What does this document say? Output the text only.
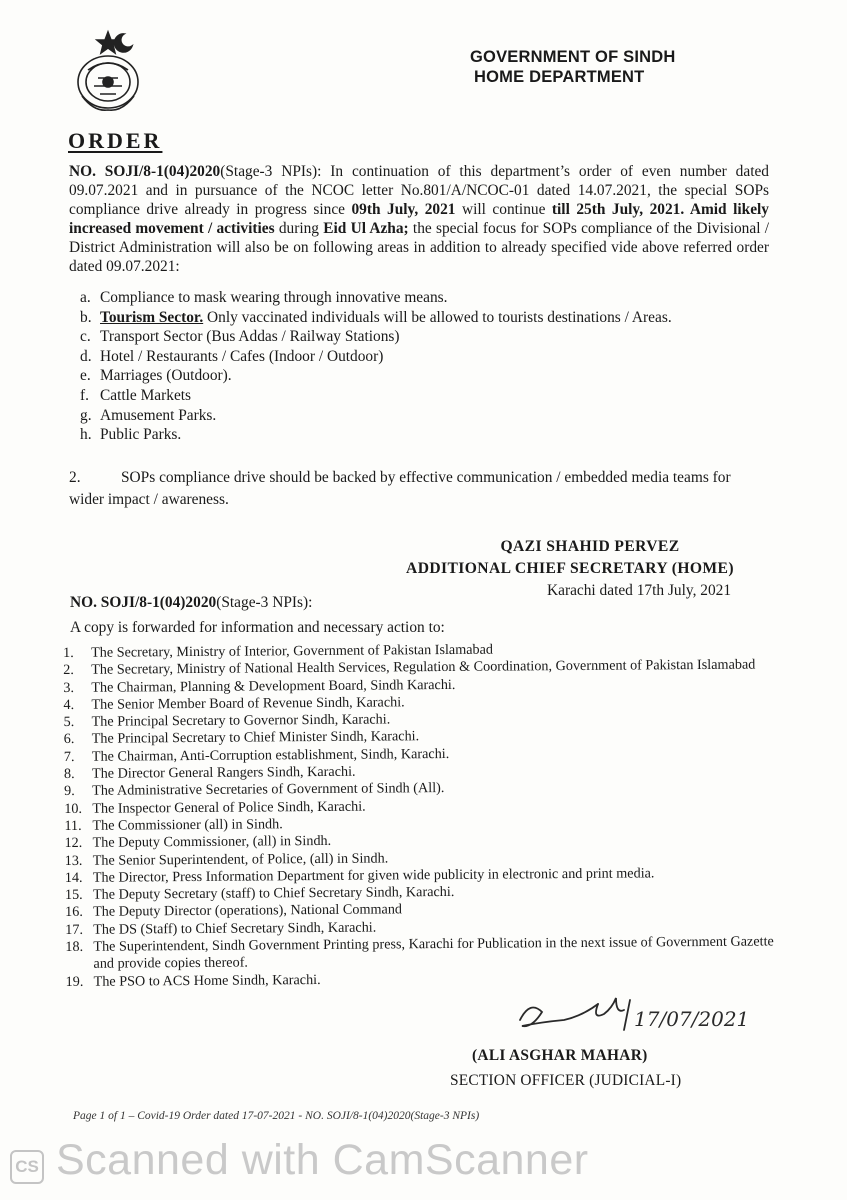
GOVERNMENT OF SINDH
HOME DEPARTMENT
ORDER
NO. SOJI/8-1(04)2020(Stage-3 NPIs): In continuation of this department’s order of even number dated 09.07.2021 and in pursuance of the NCOC letter No.801/A/NCOC-01 dated 14.07.2021, the special SOPs compliance drive already in progress since 09th July, 2021 will continue till 25th July, 2021. Amid likely increased movement / activities during Eid Ul Azha; the special focus for SOPs compliance of the Divisional / District Administration will also be on following areas in addition to already specified vide above referred order dated 09.07.2021:
a. Compliance to mask wearing through innovative means.
b. Tourism Sector. Only vaccinated individuals will be allowed to tourists destinations / Areas.
c. Transport Sector (Bus Addas / Railway Stations)
d. Hotel / Restaurants / Cafes (Indoor / Outdoor)
e. Marriages (Outdoor).
f. Cattle Markets
g. Amusement Parks.
h. Public Parks.
2.	SOPs compliance drive should be backed by effective communication / embedded media teams for wider impact / awareness.
QAZI SHAHID PERVEZ
ADDITIONAL CHIEF SECRETARY (HOME)
NO. SOJI/8-1(04)2020(Stage-3 NPIs):
Karachi dated 17th July, 2021
A copy is forwarded for information and necessary action to:
1.	The Secretary, Ministry of Interior, Government of Pakistan Islamabad
2.	The Secretary, Ministry of National Health Services, Regulation & Coordination, Government of Pakistan Islamabad
3.	The Chairman, Planning & Development Board, Sindh Karachi.
4.	The Senior Member Board of Revenue Sindh, Karachi.
5.	The Principal Secretary to Governor Sindh, Karachi.
6.	The Principal Secretary to Chief Minister Sindh, Karachi.
7.	The Chairman, Anti-Corruption establishment, Sindh, Karachi.
8.	The Director General Rangers Sindh, Karachi.
9.	The Administrative Secretaries of Government of Sindh (All).
10. The Inspector General of Police Sindh, Karachi.
11. The Commissioner (all) in Sindh.
12. The Deputy Commissioner, (all) in Sindh.
13. The Senior Superintendent, of Police, (all) in Sindh.
14. The Director, Press Information Department for given wide publicity in electronic and print media.
15. The Deputy Secretary (staff) to Chief Secretary Sindh, Karachi.
16. The Deputy Director (operations), National Command
17. The DS (Staff) to Chief Secretary Sindh, Karachi.
18. The Superintendent, Sindh Government Printing press, Karachi for Publication in the next issue of Government Gazette and provide copies thereof.
19. The PSO to ACS Home Sindh, Karachi.
17/07/2021
(ALI ASGHAR MAHAR)
SECTION OFFICER (JUDICIAL-I)
Page 1 of 1 – Covid-19 Order dated 17-07-2021 - NO. SOJI/8-1(04)2020(Stage-3 NPIs)
CS Scanned with CamScanner
